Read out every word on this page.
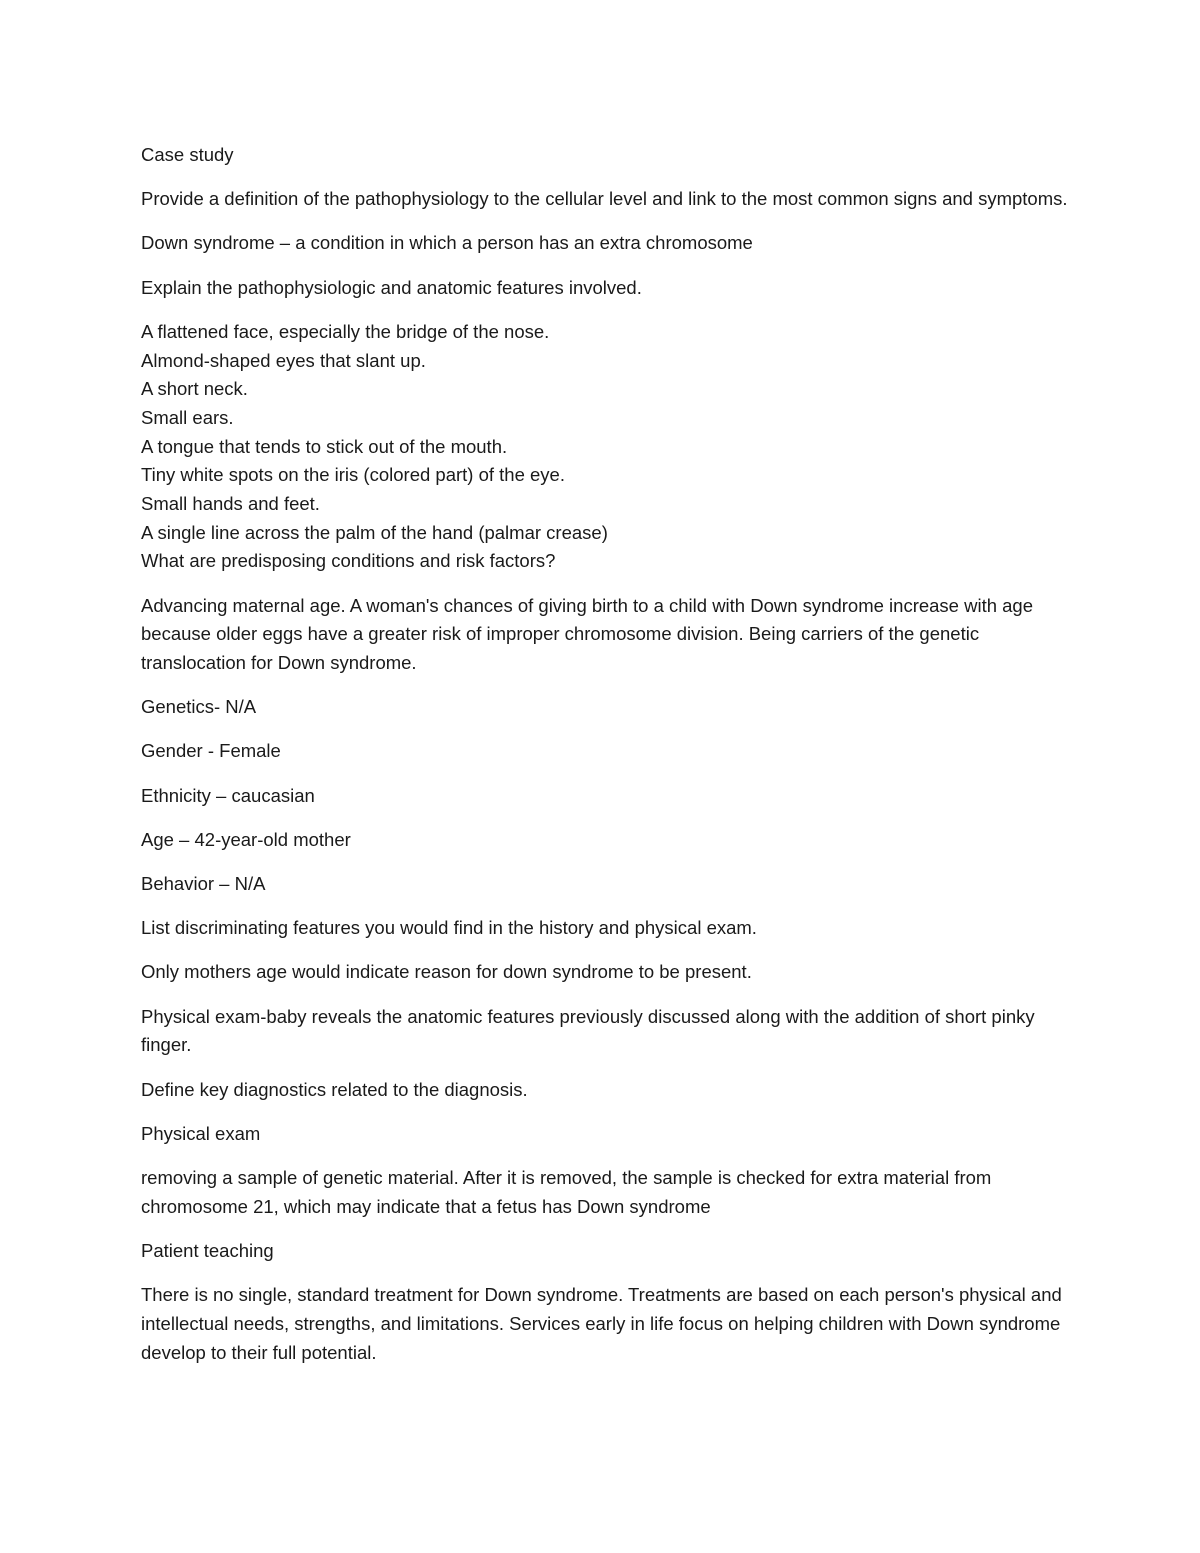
Case study

Provide a definition of the pathophysiology to the cellular level and link to the most common signs and symptoms.

Down syndrome – a condition in which a person has an extra chromosome

Explain the pathophysiologic and anatomic features involved.

A flattened face, especially the bridge of the nose.
Almond-shaped eyes that slant up.
A short neck.
Small ears.
A tongue that tends to stick out of the mouth.
Tiny white spots on the iris (colored part) of the eye.
Small hands and feet.
A single line across the palm of the hand (palmar crease)
What are predisposing conditions and risk factors?

Advancing maternal age. A woman's chances of giving birth to a child with Down syndrome increase with age because older eggs have a greater risk of improper chromosome division. Being carriers of the genetic translocation for Down syndrome.

Genetics- N/A

Gender - Female

Ethnicity – caucasian

Age – 42-year-old mother

Behavior – N/A

List discriminating features you would find in the history and physical exam.

Only mothers age would indicate reason for down syndrome to be present.

Physical exam-baby reveals the anatomic features previously discussed along with the addition of short pinky finger.

Define key diagnostics related to the diagnosis.

Physical exam

removing a sample of genetic material. After it is removed, the sample is checked for extra material from chromosome 21, which may indicate that a fetus has Down syndrome

Patient teaching

There is no single, standard treatment for Down syndrome. Treatments are based on each person's physical and intellectual needs, strengths, and limitations. Services early in life focus on helping children with Down syndrome develop to their full potential.
